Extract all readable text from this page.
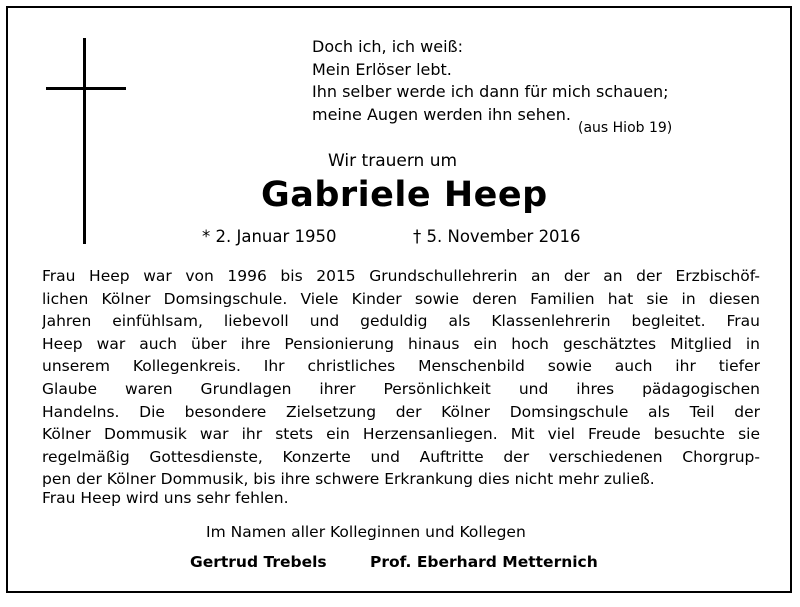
Doch ich, ich weiß:
Mein Erlöser lebt.
Ihn selber werde ich dann für mich schauen;
meine Augen werden ihn sehen.
(aus Hiob 19)
Wir trauern um
Gabriele Heep
* 2. Januar 1950	† 5. November 2016
Frau Heep war von 1996 bis 2015 Grundschullehrerin an der an der Erzbischöf-
lichen Kölner Domsingschule. Viele Kinder sowie deren Familien hat sie in diesen
Jahren einfühlsam, liebevoll und geduldig als Klassenlehrerin begleitet. Frau
Heep war auch über ihre Pensionierung hinaus ein hoch geschätztes Mitglied in
unserem Kollegenkreis. Ihr christliches Menschenbild sowie auch ihr tiefer
Glaube waren Grundlagen ihrer Persönlichkeit und ihres pädagogischen
Handelns. Die besondere Zielsetzung der Kölner Domsingschule als Teil der
Kölner Dommusik war ihr stets ein Herzensanliegen. Mit viel Freude besuchte sie
regelmäßig Gottesdienste, Konzerte und Auftritte der verschiedenen Chorgrup-
pen der Kölner Dommusik, bis ihre schwere Erkrankung dies nicht mehr zuließ.
Frau Heep wird uns sehr fehlen.
Im Namen aller Kolleginnen und Kollegen
Gertrud Trebels	Prof. Eberhard Metternich
